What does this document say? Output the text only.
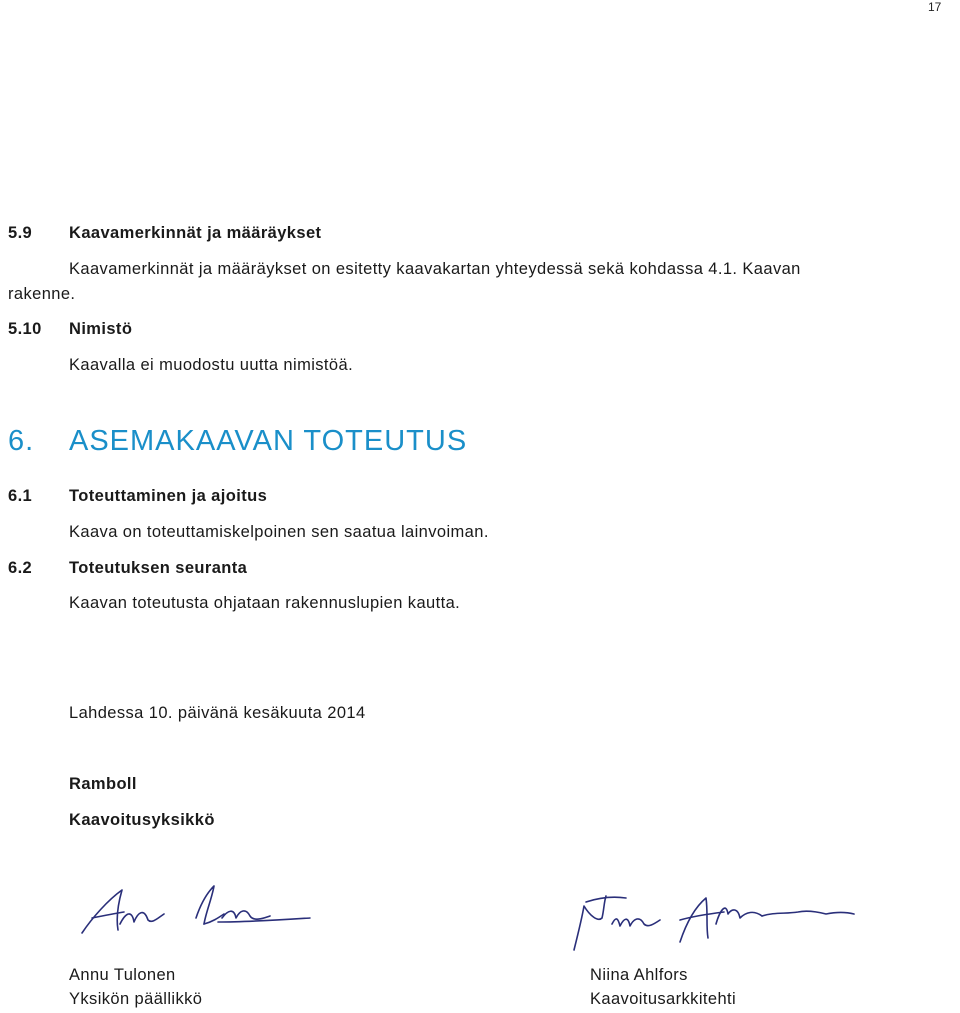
17
5.9 Kaavamerkinnät ja määräykset
Kaavamerkinnät ja määräykset on esitetty kaavakartan yhteydessä sekä kohdassa 4.1. Kaavan
rakenne.
5.10 Nimistö
Kaavalla ei muodostu uutta nimistöä.
6. ASEMAKAAVAN TOTEUTUS
6.1 Toteuttaminen ja ajoitus
Kaava on toteuttamiskelpoinen sen saatua lainvoiman.
6.2 Toteutuksen seuranta
Kaavan toteutusta ohjataan rakennuslupien kautta.
Lahdessa 10. päivänä kesäkuuta 2014
Ramboll
Kaavoitusyksikkö
Annu Tulonen
Yksikön päällikkö
Niina Ahlfors
Kaavoitusarkkitehti
